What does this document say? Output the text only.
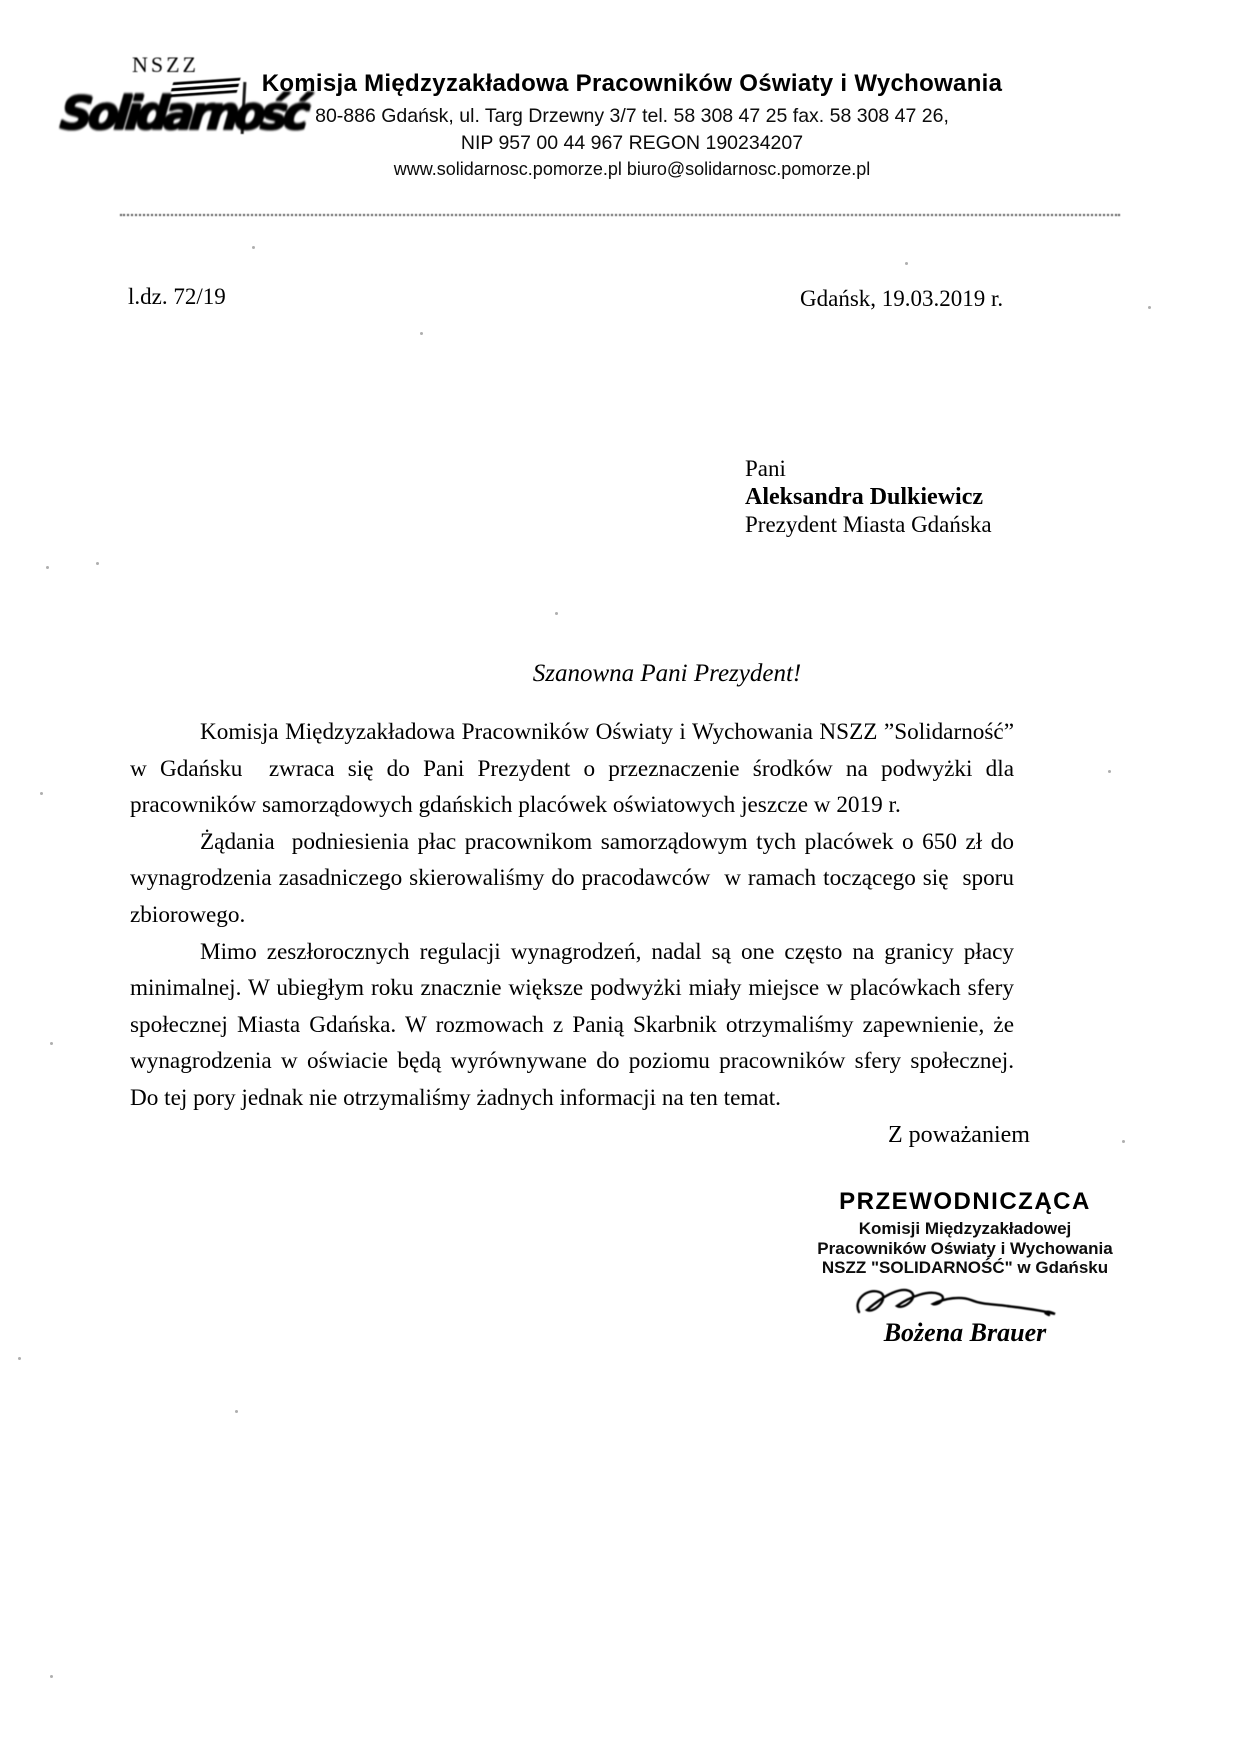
NSZZ
Solidarność
Komisja Międzyzakładowa Pracowników Oświaty i Wychowania
80-886 Gdańsk, ul. Targ Drzewny 3/7 tel. 58 308 47 25 fax. 58 308 47 26,
NIP 957 00 44 967 REGON 190234207
www.solidarnosc.pomorze.pl biuro@solidarnosc.pomorze.pl
l.dz. 72/19	Gdańsk, 19.03.2019 r.
Pani
Aleksandra Dulkiewicz
Prezydent Miasta Gdańska
Szanowna Pani Prezydent!
Komisja Międzyzakładowa Pracowników Oświaty i Wychowania NSZZ ”Solidarność” w Gdańsku  zwraca się do Pani Prezydent o przeznaczenie środków na podwyżki dla pracowników samorządowych gdańskich placówek oświatowych jeszcze w 2019 r.
Żądania  podniesienia płac pracownikom samorządowym tych placówek o 650 zł do wynagrodzenia zasadniczego skierowaliśmy do pracodawców  w ramach toczącego się  sporu zbiorowego.
Mimo zeszłorocznych regulacji wynagrodzeń, nadal są one często na granicy płacy minimalnej. W ubiegłym roku znacznie większe podwyżki miały miejsce w placówkach sfery społecznej Miasta Gdańska. W rozmowach z Panią Skarbnik otrzymaliśmy zapewnienie, że wynagrodzenia w oświacie będą wyrównywane do poziomu pracowników sfery społecznej. Do tej pory jednak nie otrzymaliśmy żadnych informacji na ten temat.
Z poważaniem
PRZEWODNICZĄCA
Komisji Międzyzakładowej
Pracowników Oświaty i Wychowania
NSZZ "SOLIDARNOŚĆ" w Gdańsku
Bożena Brauer
